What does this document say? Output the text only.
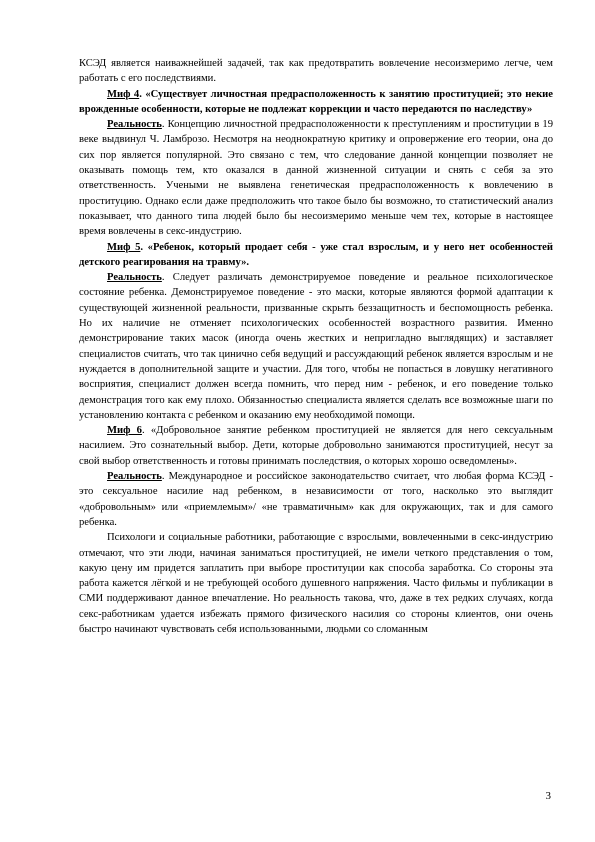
КСЭД является наиважнейшей задачей, так как предотвратить вовлечение несоизмеримо легче, чем работать с его последствиями.

Миф 4. «Существует личностная предрасположенность к занятию проституцией; это некие врожденные особенности, которые не подлежат коррекции и часто передаются по наследству»

Реальность. Концепцию личностной предрасположенности к преступлениям и проституции в 19 веке выдвинул Ч. Ламброзо. Несмотря на неоднократную критику и опровержение его теории, она до сих пор является популярной. Это связано с тем, что следование данной концепции позволяет не оказывать помощь тем, кто оказался в данной жизненной ситуации и снять с себя за это ответственность. Учеными не выявлена генетическая предрасположенность к вовлечению в проституцию. Однако если даже предположить что такое было бы возможно, то статистический анализ показывает, что данного типа людей было бы несоизмеримо меньше чем тех, которые в настоящее время вовлечены в секс-индустрию.

Миф 5. «Ребенок, который продает себя - уже стал взрослым, и у него нет особенностей детского реагирования на травму».

Реальность. Следует различать демонстрируемое поведение и реальное психологическое состояние ребенка. Демонстрируемое поведение - это маски, которые являются формой адаптации к существующей жизненной реальности, призванные скрыть беззащитность и беспомощность ребенка. Но их наличие не отменяет психологических особенностей возрастного развития. Именно демонстрирование таких масок (иногда очень жестких и непригладно выглядящих) и заставляет специалистов считать, что так цинично себя ведущий и рассуждающий ребенок является взрослым и не нуждается в дополнительной защите и участии. Для того, чтобы не попасться в ловушку негативного восприятия, специалист должен всегда помнить, что перед ним - ребенок, и его поведение только демонстрация того как ему плохо. Обязанностью специалиста является сделать все возможные шаги по установлению контакта с ребенком и оказанию ему необходимой помощи.

Миф 6. «Добровольное занятие ребенком проституцией не является для него сексуальным насилием. Это сознательный выбор. Дети, которые добровольно занимаются проституцией, несут за свой выбор ответственность и готовы принимать последствия, о которых хорошо осведомлены».

Реальность. Международное и российское законодательство считает, что любая форма КСЭД - это сексуальное насилие над ребенком, в независимости от того, насколько это выглядит «добровольным» или «приемлемым»/ «не травматичным» как для окружающих, так и для самого ребенка.

Психологи и социальные работники, работающие с взрослыми, вовлеченными в секс-индустрию отмечают, что эти люди, начиная заниматься проституцией, не имели четкого представления о том, какую цену им придется заплатить при выборе проституции как способа заработка. Со стороны эта работа кажется лёгкой и не требующей особого душевного напряжения. Часто фильмы и публикации в СМИ поддерживают данное впечатление. Но реальность такова, что, даже в тех редких случаях, когда секс-работникам удается избежать прямого физического насилия со стороны клиентов, они очень быстро начинают чувствовать себя использованными, людьми со сломанным

3
